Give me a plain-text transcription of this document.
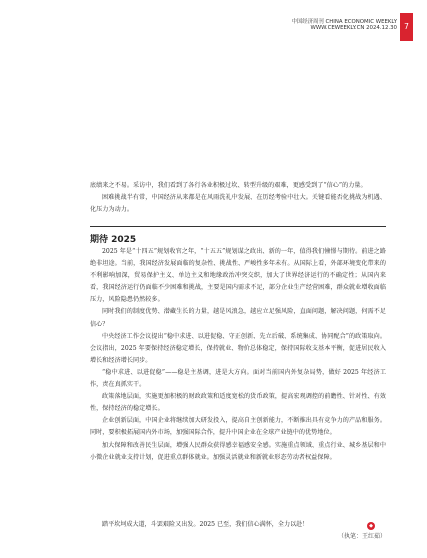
中国经济周刊 CHINA ECONOMIC WEEKLY
WWW.CEWEEKLY.CN 2024.12.30 7

底绩来之不易。采访中，我们看到了各行各业积极过坎、转型升级的艰难，更感受到了“信心”的力量。

困难挑战半有常，中国经济从来都是在风雨洗礼中发展、在历经考验中壮大。关键看能否化挑战为机遇、化压力为动力。

期待 2025

2025 年是“十四五”规划收官之年，“十五五”规划谋之政出、新的一年，值得我们憧憬与期待。前进之路绝非坦途。当前，我国经济发展面临的复杂性、挑战性、严峻性多年未有。从国际上看，外部环境变化带来的不利影响加深，贸易保护主义、单边主义和地缘政治冲突交织，加大了世界经济运行的不确定性；从国内来看，我国经济运行仍面临不少困难和挑战，主要是国内需求不足，部分企业生产经营困难，群众就业增收面临压力，风险隐患仍然较多。

同时我们的制度优势、潜藏生长的力量，越是风浪急，越应立足强风险，直面问题，解决问题，何需不足信心？

中央经济工作会议提出“稳中求进、以进促稳、守正创新、先立后破、系统集成、协同配合”的政策取向。会议指出，2025 年要保持经济稳定增长，保持就业、物价总体稳定，保持国际收支基本平衡，促进居民收入增长和经济增长同步。

“稳中求进、以进促稳”——稳是主基调，进是大方向。面对当前国内外复杂局势，做好 2025 年经济工作，责在真抓实干。

政策落地层面，实施更加积极的财政政策和适度宽松的货币政策，提高宏观调控的前瞻性、针对性、有效性，保持经济的稳定增长。

企业创新层面，中国企业将继续加大研发投入，提高自主创新能力，不断推出具有竞争力的产品和服务。同时，要积极拓展国内外市场，加强国际合作，提升中国企业在全球产业链中的优势地位。

加大保障和改善民生层面，增强人民群众获得感幸福感安全感。实施重点领域、重点行业、城乡基层和中小微企业就业支持计划，促进重点群体就业。加强灵活就业和新就业形态劳动者权益保障。

踏平坎坷成大道，斗罢艰险又出发。2025 已至，我们信心满怀，全力以赴！	◆
（执笔：王红茹）
